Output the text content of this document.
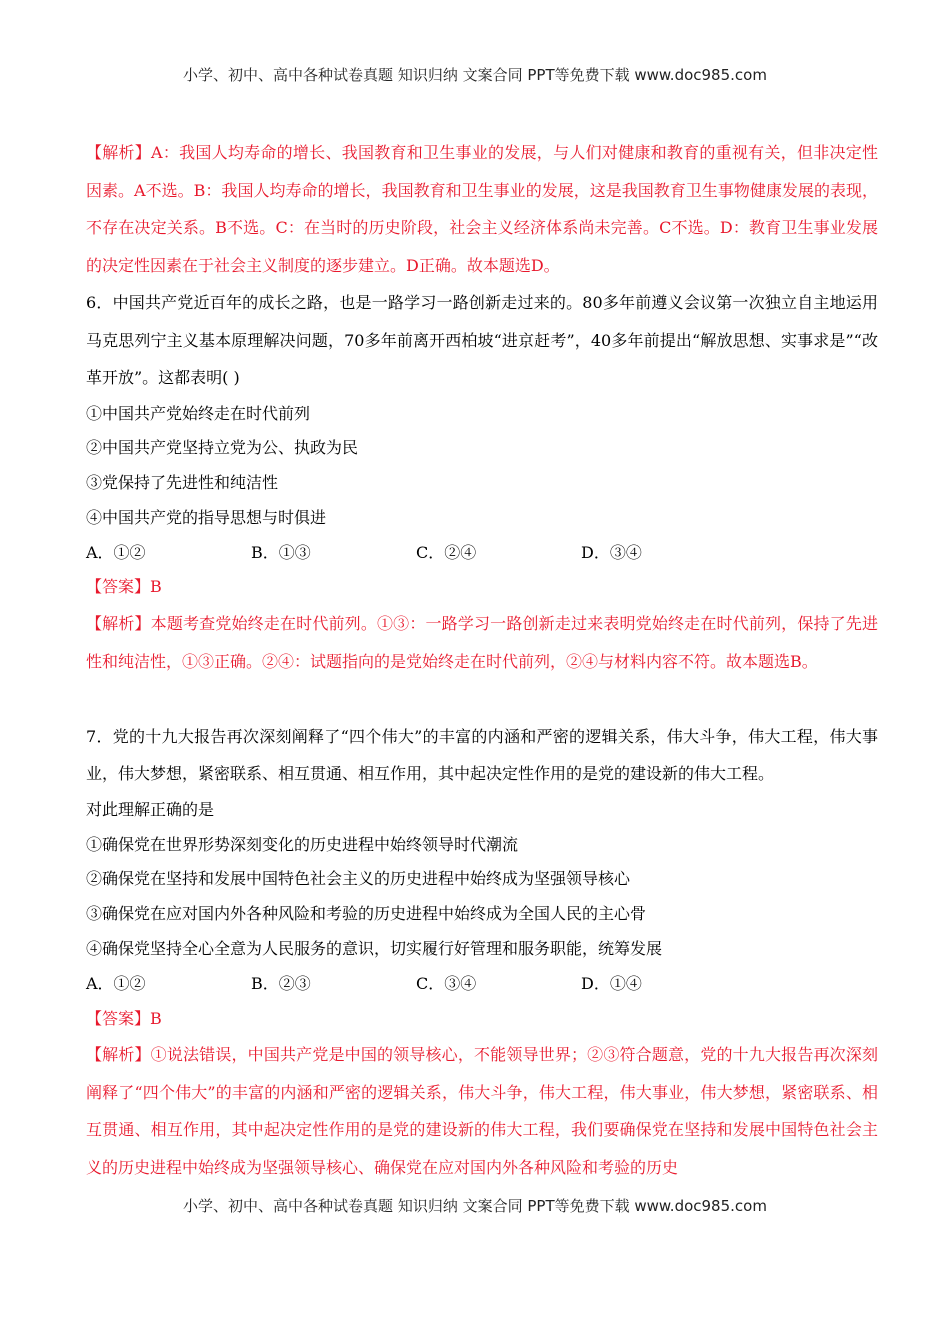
小学、初中、高中各种试卷真题 知识归纳 文案合同 PPT等免费下载 www.doc985.com

【解析】A：我国人均寿命的增长、我国教育和卫生事业的发展，与人们对健康和教育的重视有关，但非决定性因素。A不选。B：我国人均寿命的增长，我国教育和卫生事业的发展，这是我国教育卫生事物健康发展的表现，不存在决定关系。B不选。C：在当时的历史阶段，社会主义经济体系尚未完善。C不选。D：教育卫生事业发展的决定性因素在于社会主义制度的逐步建立。D正确。故本题选D。

6．中国共产党近百年的成长之路，也是一路学习一路创新走过来的。80多年前遵义会议第一次独立自主地运用马克思列宁主义基本原理解决问题，70多年前离开西柏坡“进京赶考”，40多年前提出“解放思想、实事求是”“改革开放”。这都表明( )

①中国共产党始终走在时代前列

②中国共产党坚持立党为公、执政为民

③党保持了先进性和纯洁性

④中国共产党的指导思想与时俱进

A．①②	B．①③	C．②④	D．③④

【答案】B

【解析】本题考查党始终走在时代前列。①③：一路学习一路创新走过来表明党始终走在时代前列，保持了先进性和纯洁性，①③正确。②④：试题指向的是党始终走在时代前列，②④与材料内容不符。故本题选B。

7．党的十九大报告再次深刻阐释了“四个伟大”的丰富的内涵和严密的逻辑关系，伟大斗争，伟大工程，伟大事业，伟大梦想，紧密联系、相互贯通、相互作用，其中起决定性作用的是党的建设新的伟大工程。

对此理解正确的是

①确保党在世界形势深刻变化的历史进程中始终领导时代潮流

②确保党在坚持和发展中国特色社会主义的历史进程中始终成为坚强领导核心

③确保党在应对国内外各种风险和考验的历史进程中始终成为全国人民的主心骨

④确保党坚持全心全意为人民服务的意识，切实履行好管理和服务职能，统筹发展

A．①②	B．②③	C．③④	D．①④

【答案】B

【解析】①说法错误，中国共产党是中国的领导核心，不能领导世界；②③符合题意，党的十九大报告再次深刻阐释了“四个伟大”的丰富的内涵和严密的逻辑关系，伟大斗争，伟大工程，伟大事业，伟大梦想，紧密联系、相互贯通、相互作用，其中起决定性作用的是党的建设新的伟大工程，我们要确保党在坚持和发展中国特色社会主义的历史进程中始终成为坚强领导核心、确保党在应对国内外各种风险和考验的历史

小学、初中、高中各种试卷真题 知识归纳 文案合同 PPT等免费下载 www.doc985.com
